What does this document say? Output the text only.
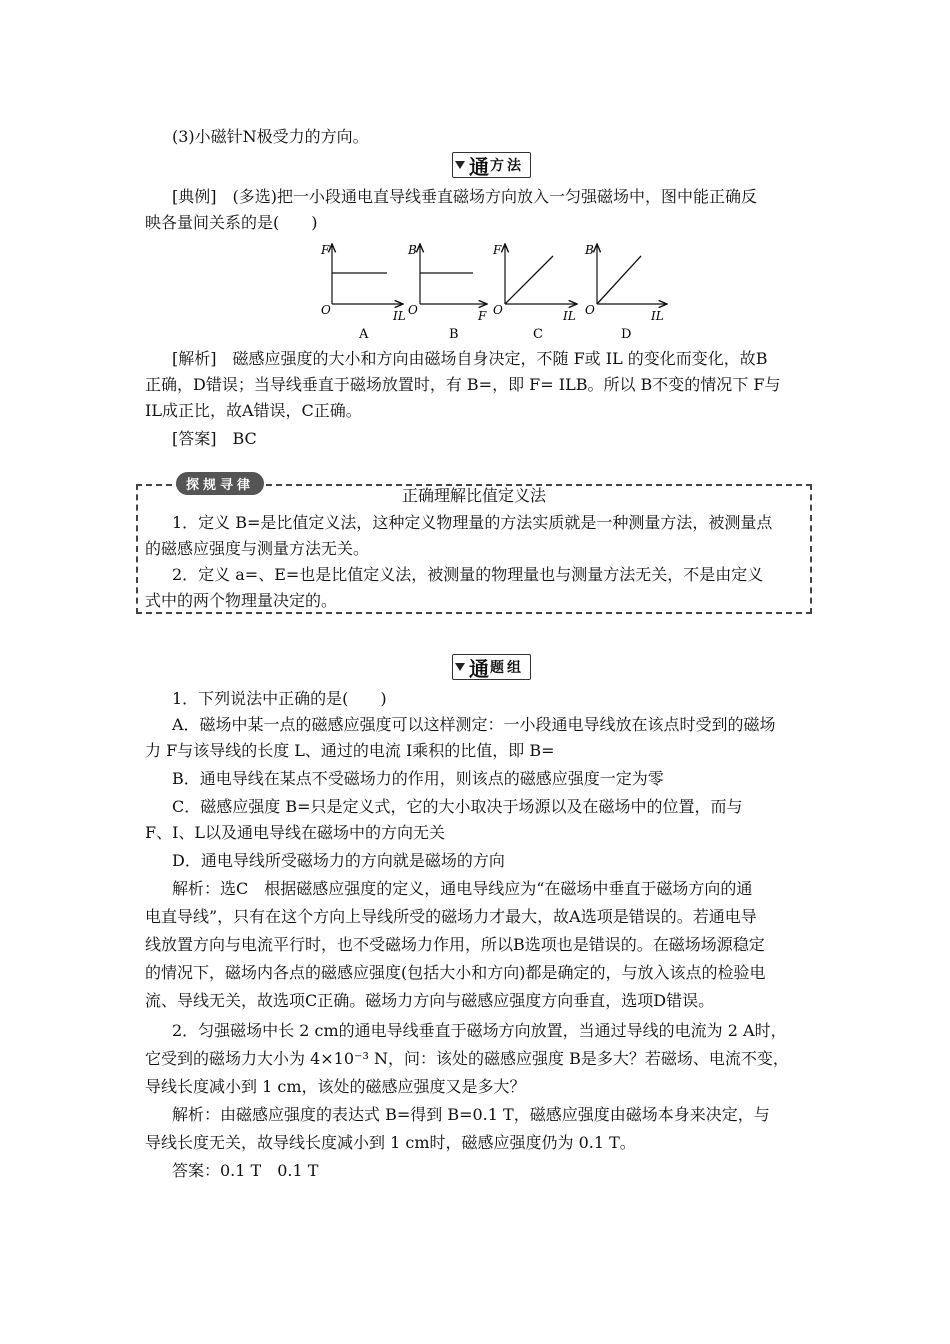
(3)小磁针N极受力的方向。
通 方法
[典例]　(多选)把一小段通电直导线垂直磁场方向放入一匀强磁场中，图中能正确反
映各量间关系的是(　　)
F
IL
O
A
B
F
O
B
F
IL
O
C
B
IL
O
D
[解析]　磁感应强度的大小和方向由磁场自身决定，不随 F或 IL 的变化而变化，故B
正确，D错误；当导线垂直于磁场放置时，有 B=，即 F= ILB。所以 B不变的情况下 F与
IL成正比，故A错误，C正确。
[答案]　BC
探规寻律
正确理解比值定义法
1．定义 B=是比值定义法，这种定义物理量的方法实质就是一种测量方法，被测量点
的磁感应强度与测量方法无关。
2．定义 a=、E=也是比值定义法，被测量的物理量也与测量方法无关，不是由定义
式中的两个物理量决定的。
通 题组
1．下列说法中正确的是(　　)
A．磁场中某一点的磁感应强度可以这样测定：一小段通电导线放在该点时受到的磁场
力 F与该导线的长度 L、通过的电流 I乘积的比值，即 B=
B．通电导线在某点不受磁场力的作用，则该点的磁感应强度一定为零
C．磁感应强度 B=只是定义式，它的大小取决于场源以及在磁场中的位置，而与
F、I、L以及通电导线在磁场中的方向无关
D．通电导线所受磁场力的方向就是磁场的方向
解析：选C　根据磁感应强度的定义，通电导线应为“在磁场中垂直于磁场方向的通
电直导线”，只有在这个方向上导线所受的磁场力才最大，故A选项是错误的。若通电导
线放置方向与电流平行时，也不受磁场力作用，所以B选项也是错误的。在磁场场源稳定
的情况下，磁场内各点的磁感应强度(包括大小和方向)都是确定的，与放入该点的检验电
流、导线无关，故选项C正确。磁场力方向与磁感应强度方向垂直，选项D错误。
2．匀强磁场中长 2 cm的通电导线垂直于磁场方向放置，当通过导线的电流为 2 A时，
它受到的磁场力大小为 4×10⁻³ N，问：该处的磁感应强度 B是多大？若磁场、电流不变，
导线长度减小到 1 cm，该处的磁感应强度又是多大？
解析：由磁感应强度的表达式 B=得到 B=0.1 T，磁感应强度由磁场本身来决定，与
导线长度无关，故导线长度减小到 1 cm时，磁感应强度仍为 0.1 T。
答案：0.1 T　0.1 T
